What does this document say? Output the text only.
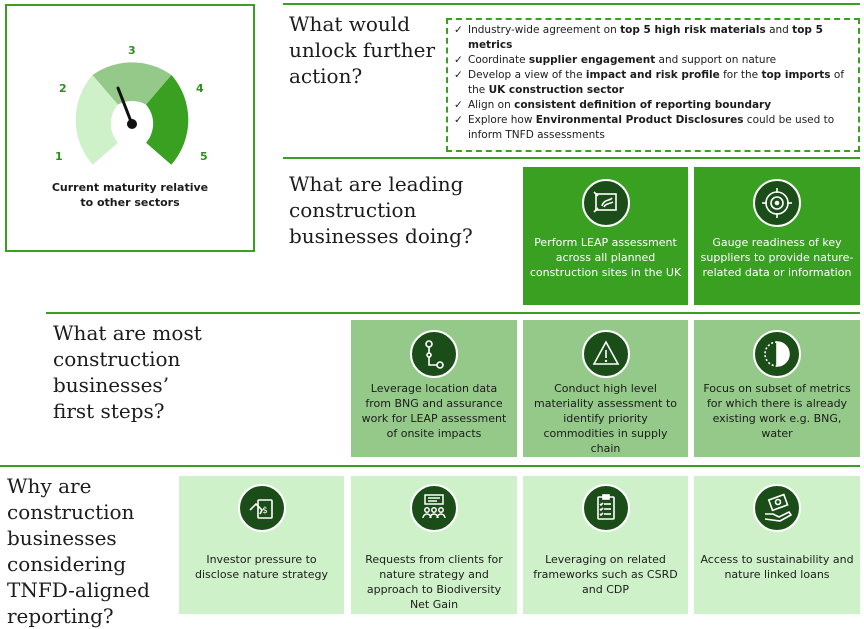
1
2
3
4
5
Current maturity relative
to other sectors
What would
unlock further
action?
✓ Industry-wide agreement on top 5 high risk materials and top 5 metrics
✓ Coordinate supplier engagement and support on nature
✓ Develop a view of the impact and risk profile for the top imports of the UK construction sector
✓ Align on consistent definition of reporting boundary
✓ Explore how Environmental Product Disclosures could be used to inform TNFD assessments
What are leading
construction
businesses doing?	Perform LEAP assessment across all planned construction sites in the UK
Gauge readiness of key suppliers to provide nature-related data or information
What are most
construction
businesses’
first steps?
Leverage location data from BNG and assurance work for LEAP assessment of onsite impacts
Conduct high level materiality assessment to identify priority commodities in supply chain
Focus on subset of metrics for which there is already existing work e.g. BNG, water
Why are
construction
businesses
considering
TNFD-aligned
reporting?
$
Investor pressure to disclose nature strategy
Requests from clients for nature strategy and approach to Biodiversity Net Gain
Leveraging on related frameworks such as CSRD and CDP
Access to sustainability and nature linked loans
